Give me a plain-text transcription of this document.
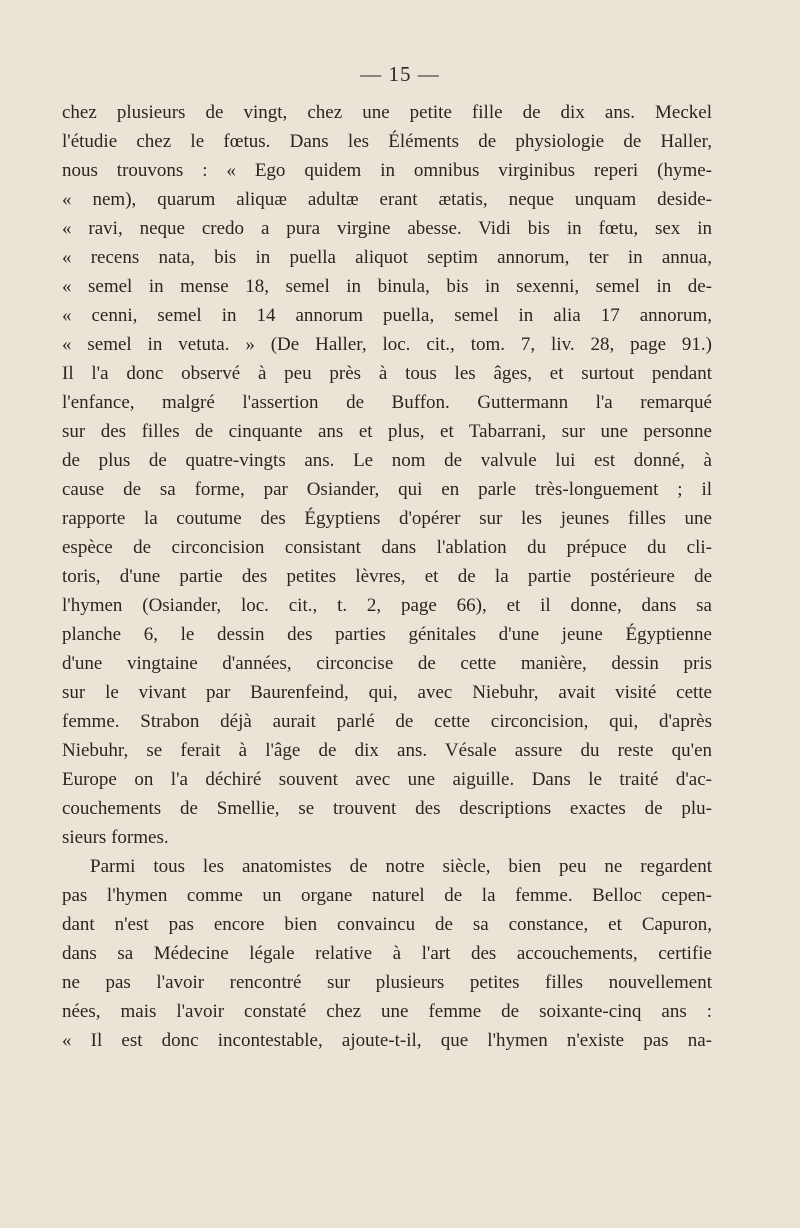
— 15 —
chez plusieurs de vingt, chez une petite fille de dix ans. Meckel
l'étudie chez le fœtus. Dans les Éléments de physiologie de Haller,
nous trouvons : « Ego quidem in omnibus virginibus reperi (hyme-
« nem), quarum aliquæ adultæ erant ætatis, neque unquam deside-
« ravi, neque credo a pura virgine abesse. Vidi bis in fœtu, sex in
« recens nata, bis in puella aliquot septim annorum, ter in annua,
« semel in mense 18, semel in binula, bis in sexenni, semel in de-
« cenni, semel in 14 annorum puella, semel in alia 17 annorum,
« semel in vetuta. » (De Haller, loc. cit., tom. 7, liv. 28, page 91.)
Il l'a donc observé à peu près à tous les âges, et surtout pendant
l'enfance, malgré l'assertion de Buffon. Guttermann l'a remarqué
sur des filles de cinquante ans et plus, et Tabarrani, sur une personne
de plus de quatre-vingts ans. Le nom de valvule lui est donné, à
cause de sa forme, par Osiander, qui en parle très-longuement ; il
rapporte la coutume des Égyptiens d'opérer sur les jeunes filles une
espèce de circoncision consistant dans l'ablation du prépuce du cli-
toris, d'une partie des petites lèvres, et de la partie postérieure de
l'hymen (Osiander, loc. cit., t. 2, page 66), et il donne, dans sa
planche 6, le dessin des parties génitales d'une jeune Égyptienne
d'une vingtaine d'années, circoncise de cette manière, dessin pris
sur le vivant par Baurenfeind, qui, avec Niebuhr, avait visité cette
femme. Strabon déjà aurait parlé de cette circoncision, qui, d'après
Niebuhr, se ferait à l'âge de dix ans. Vésale assure du reste qu'en
Europe on l'a déchiré souvent avec une aiguille. Dans le traité d'ac-
couchements de Smellie, se trouvent des descriptions exactes de plu-
sieurs formes.
Parmi tous les anatomistes de notre siècle, bien peu ne regardent
pas l'hymen comme un organe naturel de la femme. Belloc cepen-
dant n'est pas encore bien convaincu de sa constance, et Capuron,
dans sa Médecine légale relative à l'art des accouchements, certifie
ne pas l'avoir rencontré sur plusieurs petites filles nouvellement
nées, mais l'avoir constaté chez une femme de soixante-cinq ans :
« Il est donc incontestable, ajoute-t-il, que l'hymen n'existe pas na-
